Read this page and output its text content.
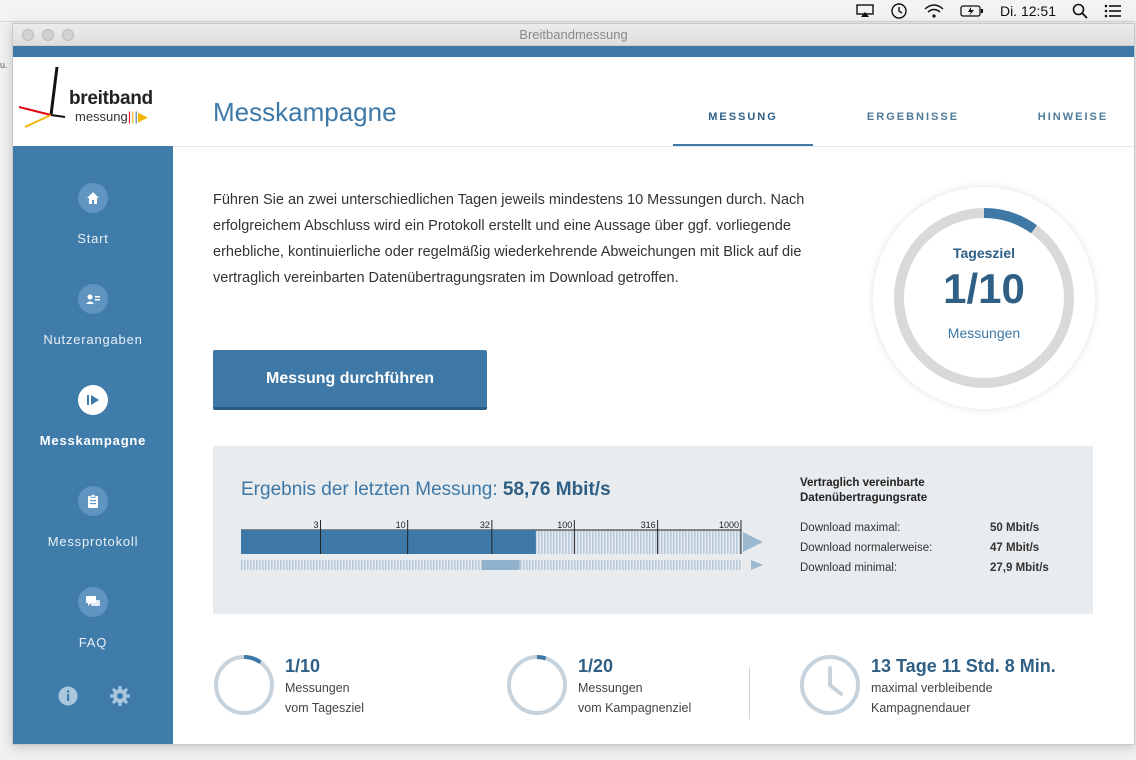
Di. 12:51
u.
Breitbandmessung
breitband
messung|||▶
Start
Nutzerangaben
Messkampagne
Messprotokoll
FAQ
Messkampagne	MESSUNG	ERGEBNISSE	HINWEISE

Führen Sie an zwei unterschiedlichen Tagen jeweils mindestens 10 Messungen durch. Nach erfolgreichem Abschluss wird ein Protokoll erstellt und eine Aussage über ggf. vorliegende erhebliche, kontinuierliche oder regelmäßig wiederkehrende Abweichungen mit Blick auf die vertraglich vereinbarten Datenübertragungsraten im Download getroffen.

Messung durchführen
Tagesziel
1/10
Messungen
Ergebnis der letzten Messung: 58,76 Mbit/s
3	10	32	100	316	1000
Vertraglich vereinbarte
Datenübertragungsrate
Download maximal:	50 Mbit/s
Download normalerweise:	47 Mbit/s
Download minimal:	27,9 Mbit/s
1/10
Messungen
vom Tagesziel
1/20
Messungen
vom Kampagnenziel
13 Tage 11 Std. 8 Min.
maximal verbleibende
Kampagnendauer
